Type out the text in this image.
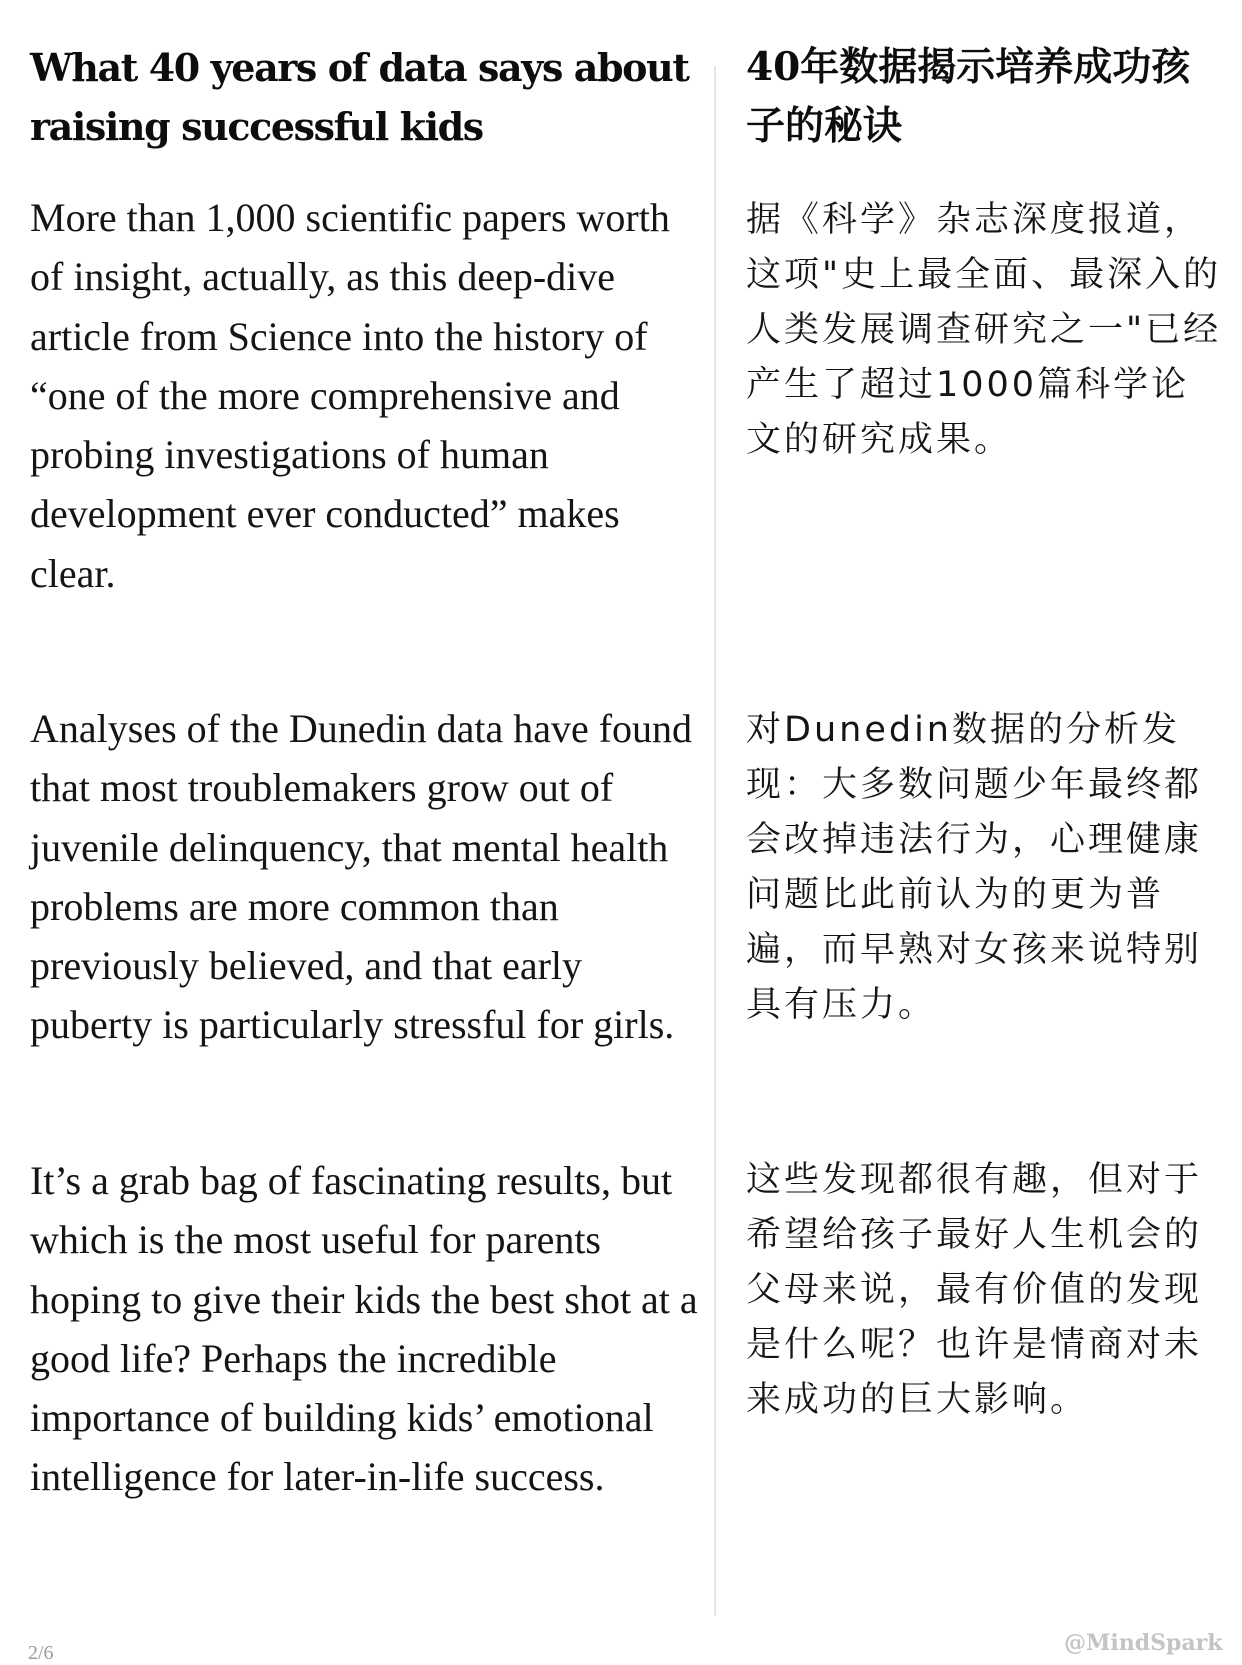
What 40 years of data says about raising successful kids

More than 1,000 scientific papers worth of insight, actually, as this deep-dive article from Science into the history of “one of the more comprehensive and probing investigations of human development ever conducted” makes clear.

Analyses of the Dunedin data have found that most troublemakers grow out of juvenile delinquency, that mental health problems are more common than previously believed, and that early puberty is particularly stressful for girls.

It’s a grab bag of fascinating results, but which is the most useful for parents hoping to give their kids the best shot at a good life? Perhaps the incredible importance of building kids’ emotional intelligence for later-in-life success.

40年数据揭示培养成功孩子的秘诀

据《科学》杂志深度报道，这项"史上最全面、最深入的人类发展调查研究之一"已经产生了超过1000篇科学论文的研究成果。

对Dunedin数据的分析发现：大多数问题少年最终都会改掉违法行为，心理健康问题比此前认为的更为普遍，而早熟对女孩来说特别具有压力。

这些发现都很有趣，但对于希望给孩子最好人生机会的父母来说，最有价值的发现是什么呢？也许是情商对未来成功的巨大影响。

2/6	@MindSpark
